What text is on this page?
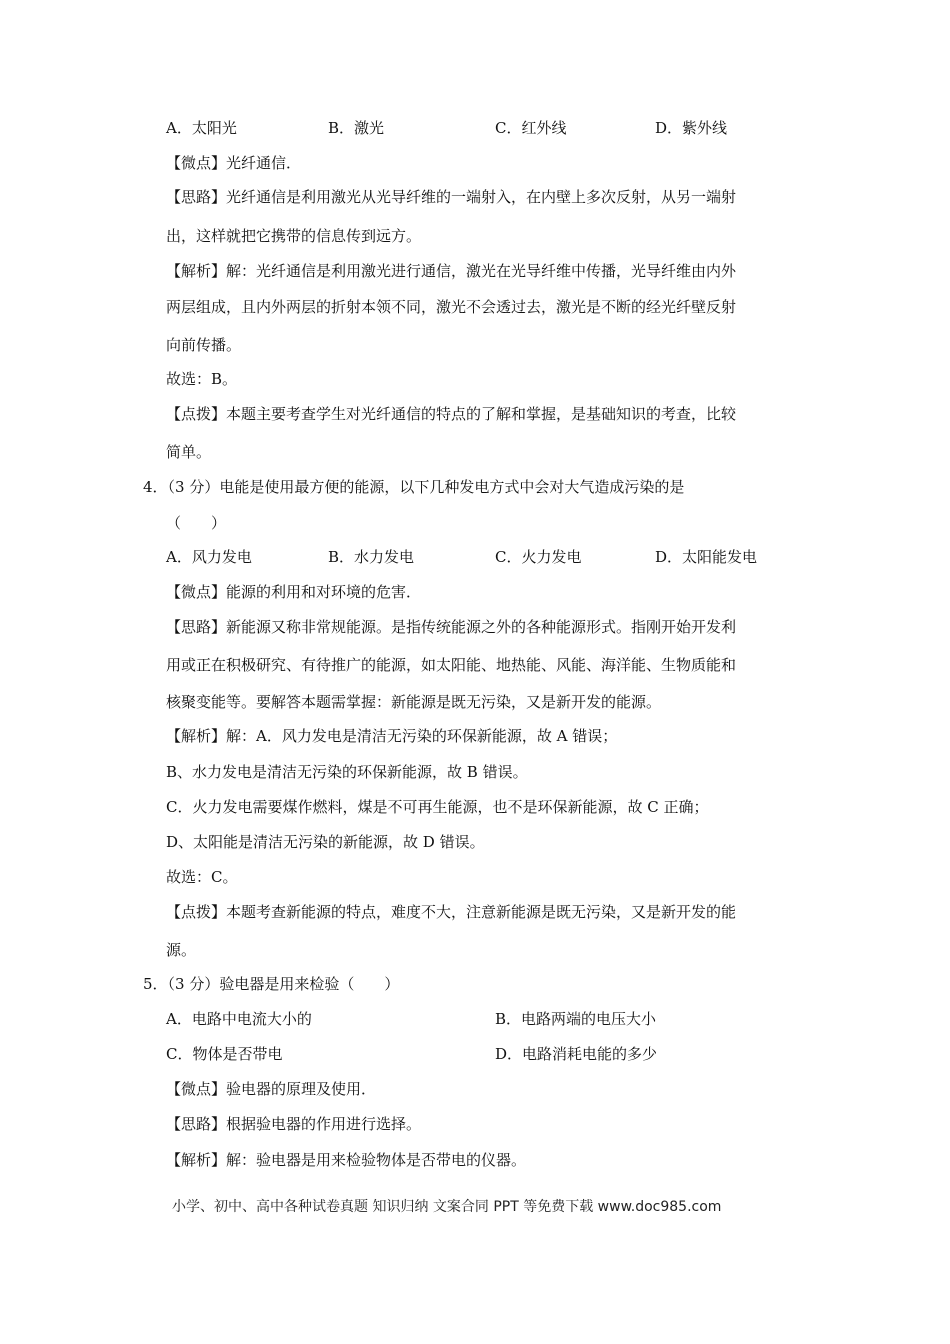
A．太阳光	B．激光	C．红外线	D．紫外线
【微点】光纤通信．
【思路】光纤通信是利用激光从光导纤维的一端射入，在内壁上多次反射，从另一端射
出，这样就把它携带的信息传到远方。
【解析】解：光纤通信是利用激光进行通信，激光在光导纤维中传播，光导纤维由内外
两层组成，且内外两层的折射本领不同，激光不会透过去，激光是不断的经光纤壁反射
向前传播。
故选：B。
【点拨】本题主要考查学生对光纤通信的特点的了解和掌握，是基础知识的考查，比较
简单。
4．（3 分）电能是使用最方便的能源，以下几种发电方式中会对大气造成污染的是
（　　）
A．风力发电	B．水力发电	C．火力发电	D．太阳能发电
【微点】能源的利用和对环境的危害．
【思路】新能源又称非常规能源。是指传统能源之外的各种能源形式。指刚开始开发利
用或正在积极研究、有待推广的能源，如太阳能、地热能、风能、海洋能、生物质能和
核聚变能等。要解答本题需掌握：新能源是既无污染，又是新开发的能源。
【解析】解：A．风力发电是清洁无污染的环保新能源，故 A 错误；
B、水力发电是清洁无污染的环保新能源，故 B 错误。
C．火力发电需要煤作燃料，煤是不可再生能源，也不是环保新能源，故 C 正确；
D、太阳能是清洁无污染的新能源，故 D 错误。
故选：C。
【点拨】本题考查新能源的特点，难度不大，注意新能源是既无污染，又是新开发的能
源。
5．（3 分）验电器是用来检验（　　）
A．电路中电流大小的	B．电路两端的电压大小
C．物体是否带电	D．电路消耗电能的多少
【微点】验电器的原理及使用．
【思路】根据验电器的作用进行选择。
【解析】解：验电器是用来检验物体是否带电的仪器。
小学、初中、高中各种试卷真题 知识归纳 文案合同 PPT 等免费下载 www.doc985.com
